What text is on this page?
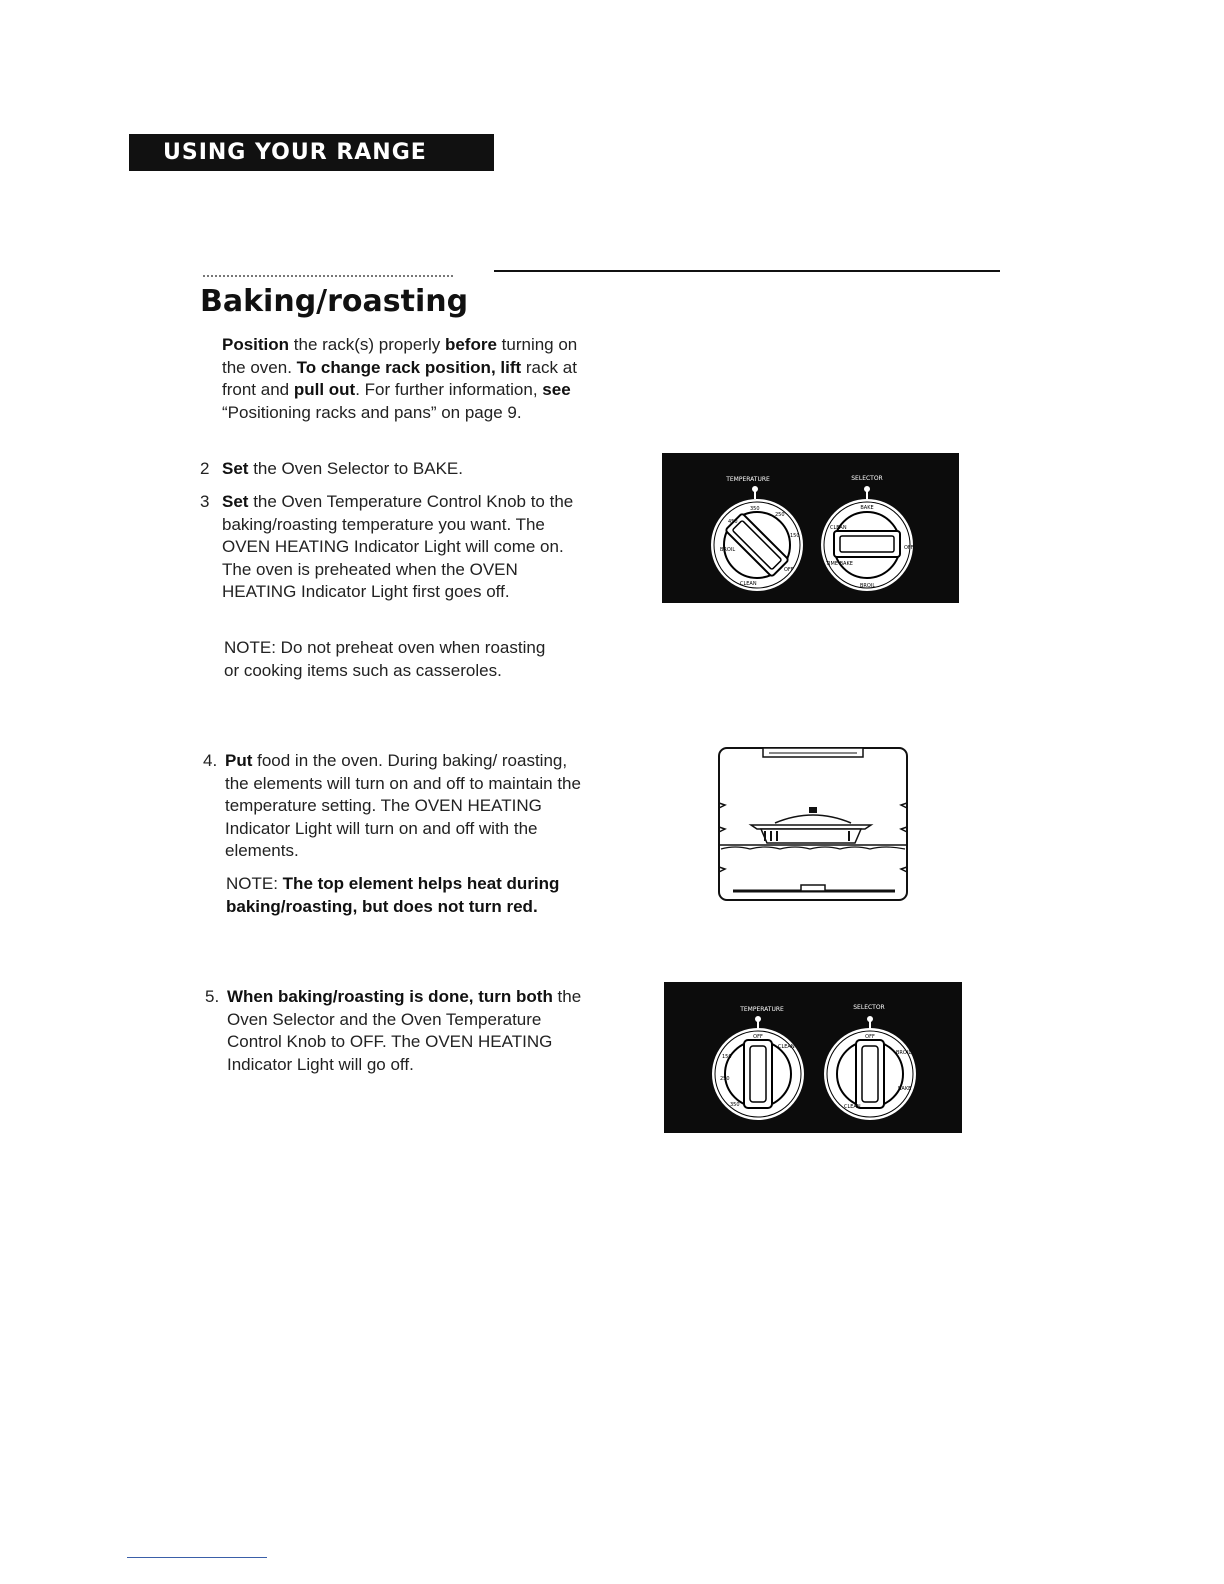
USING YOUR RANGE
Baking/roasting
Position the rack(s) properly before turning on the oven. To change rack position, lift rack at front and pull out. For further information, see “Positioning racks and pans” on page 9.
2 Set the Oven Selector to BAKE.
3 Set the Oven Temperature Control Knob to the baking/roasting temperature you want. The OVEN HEATING Indicator Light will come on. The oven is preheated when the OVEN HEATING Indicator Light first goes off.
NOTE: Do not preheat oven when roasting or cooking items such as casseroles.
4. Put food in the oven. During baking/ roasting, the elements will turn on and off to maintain the temperature setting. The OVEN HEATING Indicator Light will turn on and off with the elements.
NOTE: The top element helps heat during baking/roasting, but does not turn red.
5. When baking/roasting is done, turn both the Oven Selector and the Oven Temperature Control Knob to OFF. The OVEN HEATING Indicator Light will go off.
TEMPERATURE	SELECTOR
450
350
250
150
BROIL
CLEAN
OFF
BAKE
OFF
CLEAN
TIME BAKE
BROIL
TEMPERATURE	SELECTOR
OFF
CLEAN
150
250
350
OFF
BROIL
BAKE
CLEAN
